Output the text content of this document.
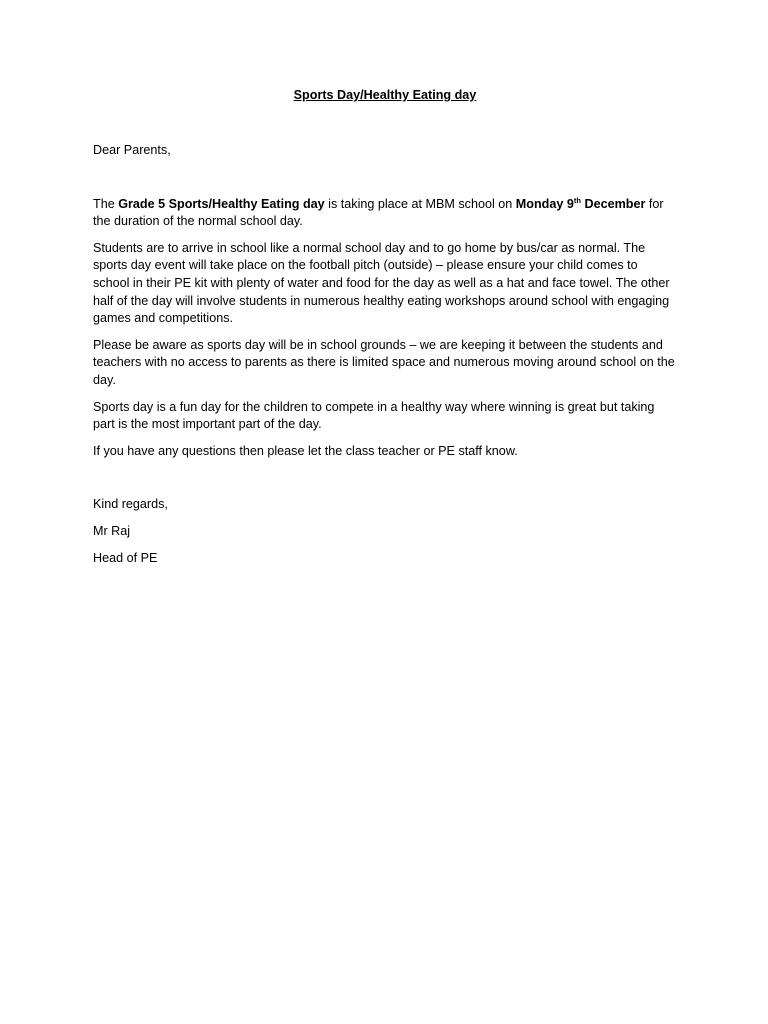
Sports Day/Healthy Eating day

Dear Parents,

The Grade 5 Sports/Healthy Eating day is taking place at MBM school on Monday 9th December for the duration of the normal school day.

Students are to arrive in school like a normal school day and to go home by bus/car as normal. The sports day event will take place on the football pitch (outside) – please ensure your child comes to school in their PE kit with plenty of water and food for the day as well as a hat and face towel. The other half of the day will involve students in numerous healthy eating workshops around school with engaging games and competitions.

Please be aware as sports day will be in school grounds – we are keeping it between the students and teachers with no access to parents as there is limited space and numerous moving around school on the day.

Sports day is a fun day for the children to compete in a healthy way where winning is great but taking part is the most important part of the day.

If you have any questions then please let the class teacher or PE staff know.

Kind regards,

Mr Raj

Head of PE
